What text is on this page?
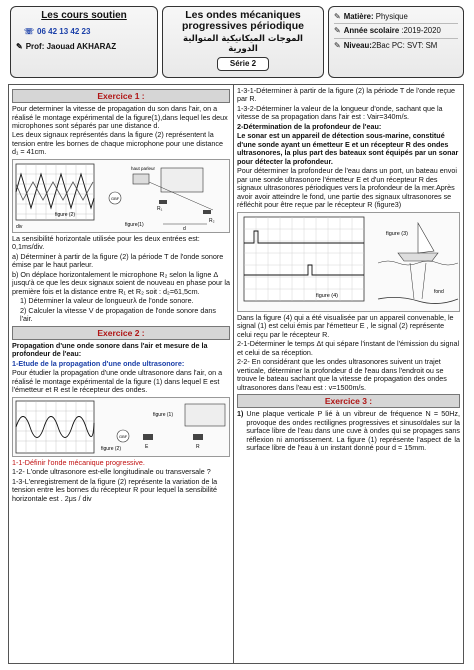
Les cours soutien
☏ 06 42 13 42 23
✎ Prof: Jaouad AKHARAZ
Les ondes mécaniques progressives périodique
الموجات الميكانيكية المتوالية الدورية
Série 2
✎ Matière: Physique
✎ Année scolaire :2019-2020
✎ Niveau:2Bac PC: SVT: SM
Exercice 1 :

Pour determiner la vitesse de propagation du son dans l'air, on a réalisé le montage expérimental de la figure(1),dans lequel les deux microphones sont séparés par une distance d.

Les deux signaux représentés dans la figure (2) représentent la tension entre les bornes de chaque microphone pour une distance d₁ = 41cm.

figure (2)
div
haut parleur
GBF
R₁
R₂
d
figure(1)

La sensibilité horizontale utilisée pour les deux entrées est: 0,1ms/div.

a) Déterminer à partir de la figure (2) la période T de l'onde sonore émise par le haut parleur.

b) On déplace horizontalement le microphone R₂ selon la ligne Δ jusqu'à ce que les deux signaux soient de nouveau en phase pour la première fois et la distance entre R₁ et R₂ soit : d₂=61,5cm.

1) Déterminer la valeur de longueurλ de l'onde sonore.

2) Calculer la vitesse V de propagation de l'onde sonore dans l'air.

Exercice 2 :

Propagation d'une onde sonore dans l'air et mesure de la profondeur de l'eau:

1-Etude de la propagation d'une onde ultrasonore:

Pour étudier la propagation d'une onde ultrasonore dans l'air, on a réalisé le montage expérimental de la figure (1) dans lequel E est l'émetteur et R est le récepteur des ondes.

figure (2)
figure (1)
GBF
E	R

1-1-Définir l'onde mécanique progressive.

1-2- L'onde ultrasonore est-elle longitudinale ou transversale ?

1-3-L'enregistrement de la figure (2) représente la variation de la tension entre les bornes du récepteur R pour lequel la sensibilité horizontale est . 2μs / div

1-3-1-Déterminer à partir de la figure (2) la période T de l'onde reçue par R.

1-3-2-Déterminer la valeur de la longueur d'onde, sachant que la vitesse de sa propagation dans l'air est : Vair=340m/s.

2-Détermination de la profondeur de l'eau:

Le sonar est un appareil de détection sous-marine, constitué d'une sonde ayant un émetteur E et un récepteur R des ondes ultrasonores, la plus part des bateaux sont équipés par un sonar pour détecter la profondeur.

Pour déterminer la profondeur de l'eau dans un port, un bateau envoi par une sonde ultrasonore l'émetteur E et d'un récepteur R des signaux ultrasonores périodiques vers la profondeur de la mer.Après avoir avoir atteindre le fond, une partie des signaux ultrasonores se réfléchit pour être reçue par le récepteur R (figure3)

figure (4)
figure (3)
fond

Dans la figure (4) qui a été visualisée par un appareil convenable, le signal (1) est celui émis par l'émetteur E , le signal (2) représente celui reçu par le récepteur R.

2-1-Déterminer le temps Δt qui sépare l'instant de l'émission du signal et celui de sa réception.

2-2- En considérant que les ondes ultrasonores suivent un trajet verticale, déterminer la profondeur d de l'eau dans l'endroit ou se trouve le bateau sachant que la vitesse de propagation des ondes ultrasonores dans l'eau est : v=1500m/s.

Exercice 3 :
1) Une plaque verticale P lié à un vibreur de fréquence N = 50Hz, provoque des ondes rectilignes progressives et sinusoïdales sur la surface libre de l'eau dans une cuve à ondes qui se propages sans réflexion ni amortissement. La figure (1) représente l'aspect de la surface libre de l'eau à un instant donné pour d = 15mm.
